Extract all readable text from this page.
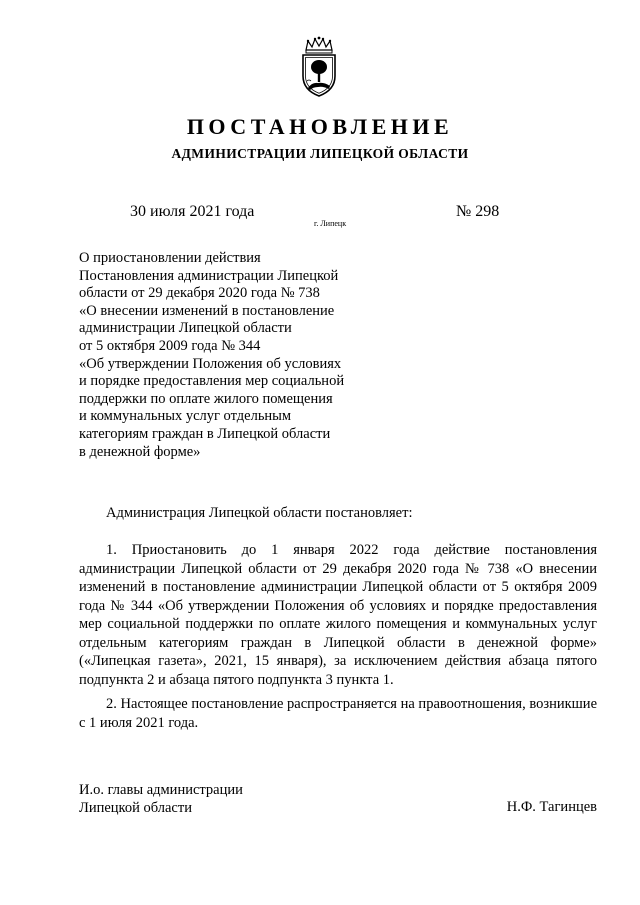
ПОСТАНОВЛЕНИЕ

АДМИНИСТРАЦИИ ЛИПЕЦКОЙ ОБЛАСТИ

30 июля 2021 года
г. Липецк
№ 298

О приостановлении действия
Постановления администрации Липецкой
области от 29 декабря 2020 года № 738
«О внесении изменений в постановление
администрации Липецкой области
от 5 октября 2009 года № 344
«Об утверждении Положения об условиях
и порядке предоставления мер социальной
поддержки по оплате жилого помещения
и коммунальных услуг отдельным
категориям граждан в Липецкой области
в денежной форме»

Администрация Липецкой области постановляет:

1. Приостановить до 1 января 2022 года действие постановления администрации Липецкой области от 29 декабря 2020 года № 738 «О внесении изменений в постановление администрации Липецкой области от 5 октября 2009 года № 344 «Об утверждении Положения об условиях и порядке предоставления мер социальной поддержки по оплате жилого помещения и коммунальных услуг отдельным категориям граждан в Липецкой области в денежной форме» («Липецкая газета», 2021, 15 января), за исключением действия абзаца пятого подпункта 2 и абзаца пятого подпункта 3 пункта 1.

2. Настоящее постановление распространяется на правоотношения, возникшие с 1 июля 2021 года.

И.о. главы администрации
Липецкой области	Н.Ф. Тагинцев
